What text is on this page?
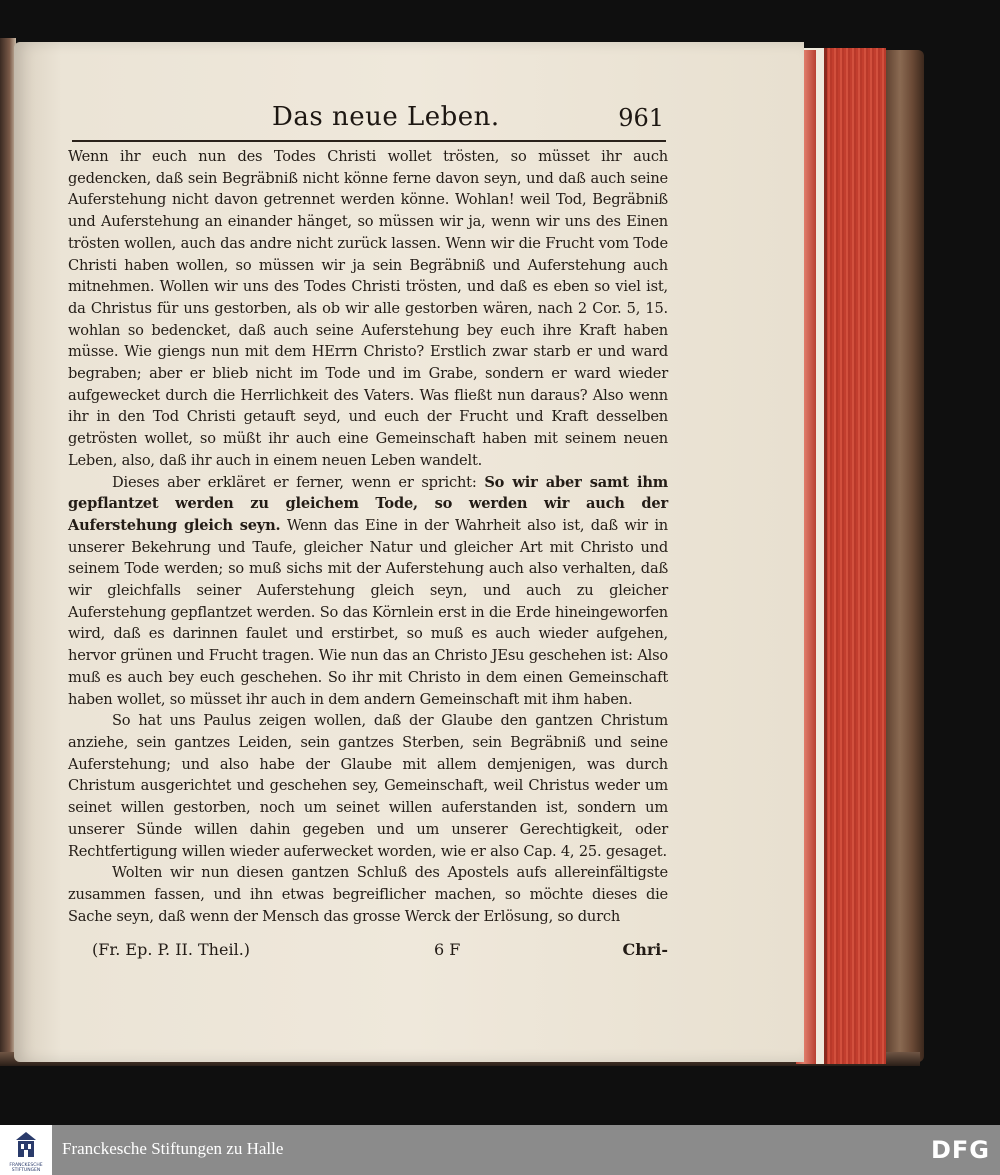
Das neue Leben.	961

Wenn ihr euch nun des Todes Christi wollet trösten, so müsset ihr auch gedencken, daß sein Begräbniß nicht könne ferne davon seyn, und daß auch seine Auferstehung nicht davon getrennet werden könne. Wohlan! weil Tod, Begräbniß und Auferstehung an einander hänget, so müssen wir ja, wenn wir uns des Einen trösten wollen, auch das andre nicht zurück lassen. Wenn wir die Frucht vom Tode Christi haben wollen, so müssen wir ja sein Begräbniß und Auferstehung auch mitnehmen. Wollen wir uns des Todes Christi trösten, und daß es eben so viel ist, da Christus für uns gestorben, als ob wir alle gestorben wären, nach 2 Cor. 5, 15. wohlan so bedencket, daß auch seine Auferstehung bey euch ihre Kraft haben müsse. Wie giengs nun mit dem HErrn Christo? Erstlich zwar starb er und ward begraben; aber er blieb nicht im Tode und im Grabe, sondern er ward wieder aufgewecket durch die Herrlichkeit des Vaters. Was fließt nun daraus? Also wenn ihr in den Tod Christi getauft seyd, und euch der Frucht und Kraft desselben getrösten wollet, so müßt ihr auch eine Gemeinschaft haben mit seinem neuen Leben, also, daß ihr auch in einem neuen Leben wandelt.

Dieses aber erkläret er ferner, wenn er spricht: So wir aber samt ihm gepflantzet werden zu gleichem Tode, so werden wir auch der Auferstehung gleich seyn. Wenn das Eine in der Wahrheit also ist, daß wir in unserer Bekehrung und Taufe, gleicher Natur und gleicher Art mit Christo und seinem Tode werden; so muß sichs mit der Auferstehung auch also verhalten, daß wir gleichfalls seiner Auferstehung gleich seyn, und auch zu gleicher Auferstehung gepflantzet werden. So das Körnlein erst in die Erde hineingeworfen wird, daß es darinnen faulet und erstirbet, so muß es auch wieder aufgehen, hervor grünen und Frucht tragen. Wie nun das an Christo JEsu geschehen ist: Also muß es auch bey euch geschehen. So ihr mit Christo in dem einen Gemeinschaft haben wollet, so müsset ihr auch in dem andern Gemeinschaft mit ihm haben.

So hat uns Paulus zeigen wollen, daß der Glaube den gantzen Christum anziehe, sein gantzes Leiden, sein gantzes Sterben, sein Begräbniß und seine Auferstehung; und also habe der Glaube mit allem demjenigen, was durch Christum ausgerichtet und geschehen sey, Gemeinschaft, weil Christus weder um seinet willen gestorben, noch um seinet willen auferstanden ist, sondern um unserer Sünde willen dahin gegeben und um unserer Gerechtigkeit, oder Rechtfertigung willen wieder auferwecket worden, wie er also Cap. 4, 25. gesaget.

Wolten wir nun diesen gantzen Schluß des Apostels aufs allereinfältigste zusammen fassen, und ihn etwas begreiflicher machen, so möchte dieses die Sache seyn, daß wenn der Mensch das grosse Werck der Erlösung, so durch

(Fr. Ep. P. II. Theil.)	6 F	Chri-
FRANCKESCHE STIFTUNGEN
Franckesche Stiftungen zu Halle	DFG
